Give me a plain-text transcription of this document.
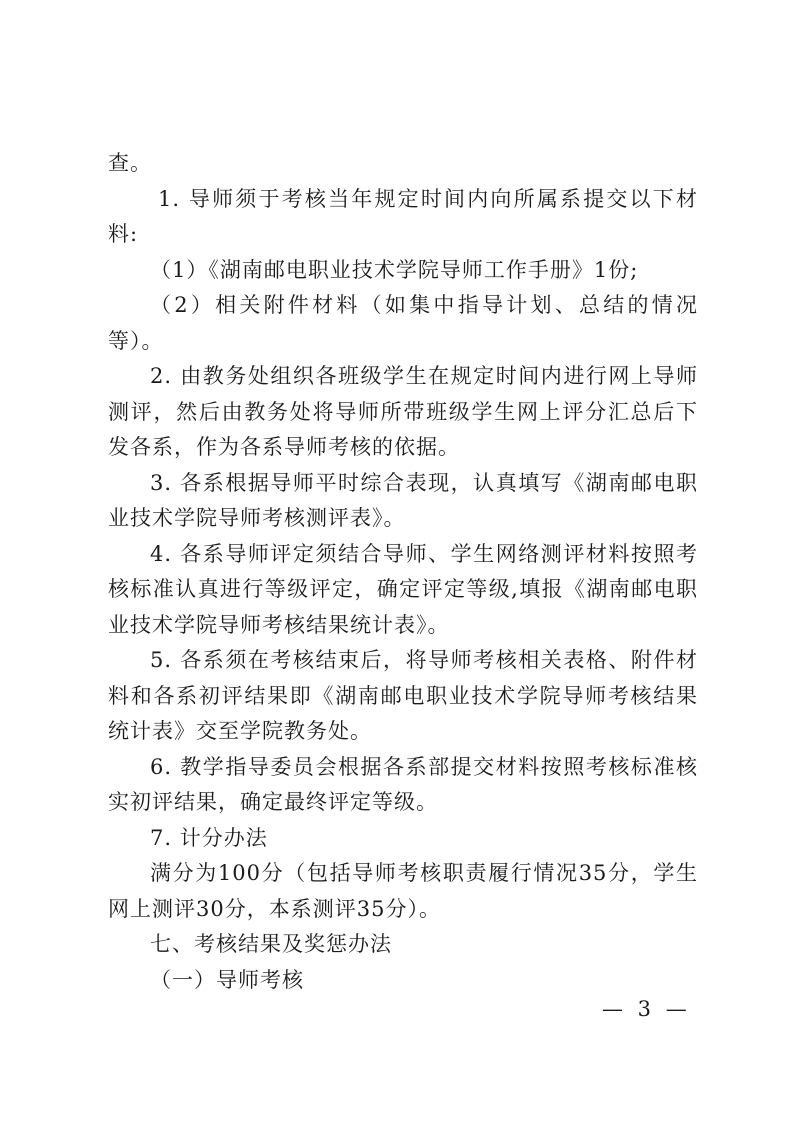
查。

1. 导师须于考核当年规定时间内向所属系提交以下材料:

（1）《湖南邮电职业技术学院导师工作手册》1份;

（2）相关附件材料（如集中指导计划、总结的情况等）。

2. 由教务处组织各班级学生在规定时间内进行网上导师测评，然后由教务处将导师所带班级学生网上评分汇总后下发各系，作为各系导师考核的依据。

3. 各系根据导师平时综合表现，认真填写《湖南邮电职业技术学院导师考核测评表》。

4. 各系导师评定须结合导师、学生网络测评材料按照考核标准认真进行等级评定，确定评定等级,填报《湖南邮电职业技术学院导师考核结果统计表》。

5. 各系须在考核结束后，将导师考核相关表格、附件材料和各系初评结果即《湖南邮电职业技术学院导师考核结果统计表》交至学院教务处。

6. 教学指导委员会根据各系部提交材料按照考核标准核实初评结果，确定最终评定等级。

7. 计分办法

满分为100分（包括导师考核职责履行情况35分，学生网上测评30分，本系测评35分）。

七、考核结果及奖惩办法

（一）导师考核

— 3 —
